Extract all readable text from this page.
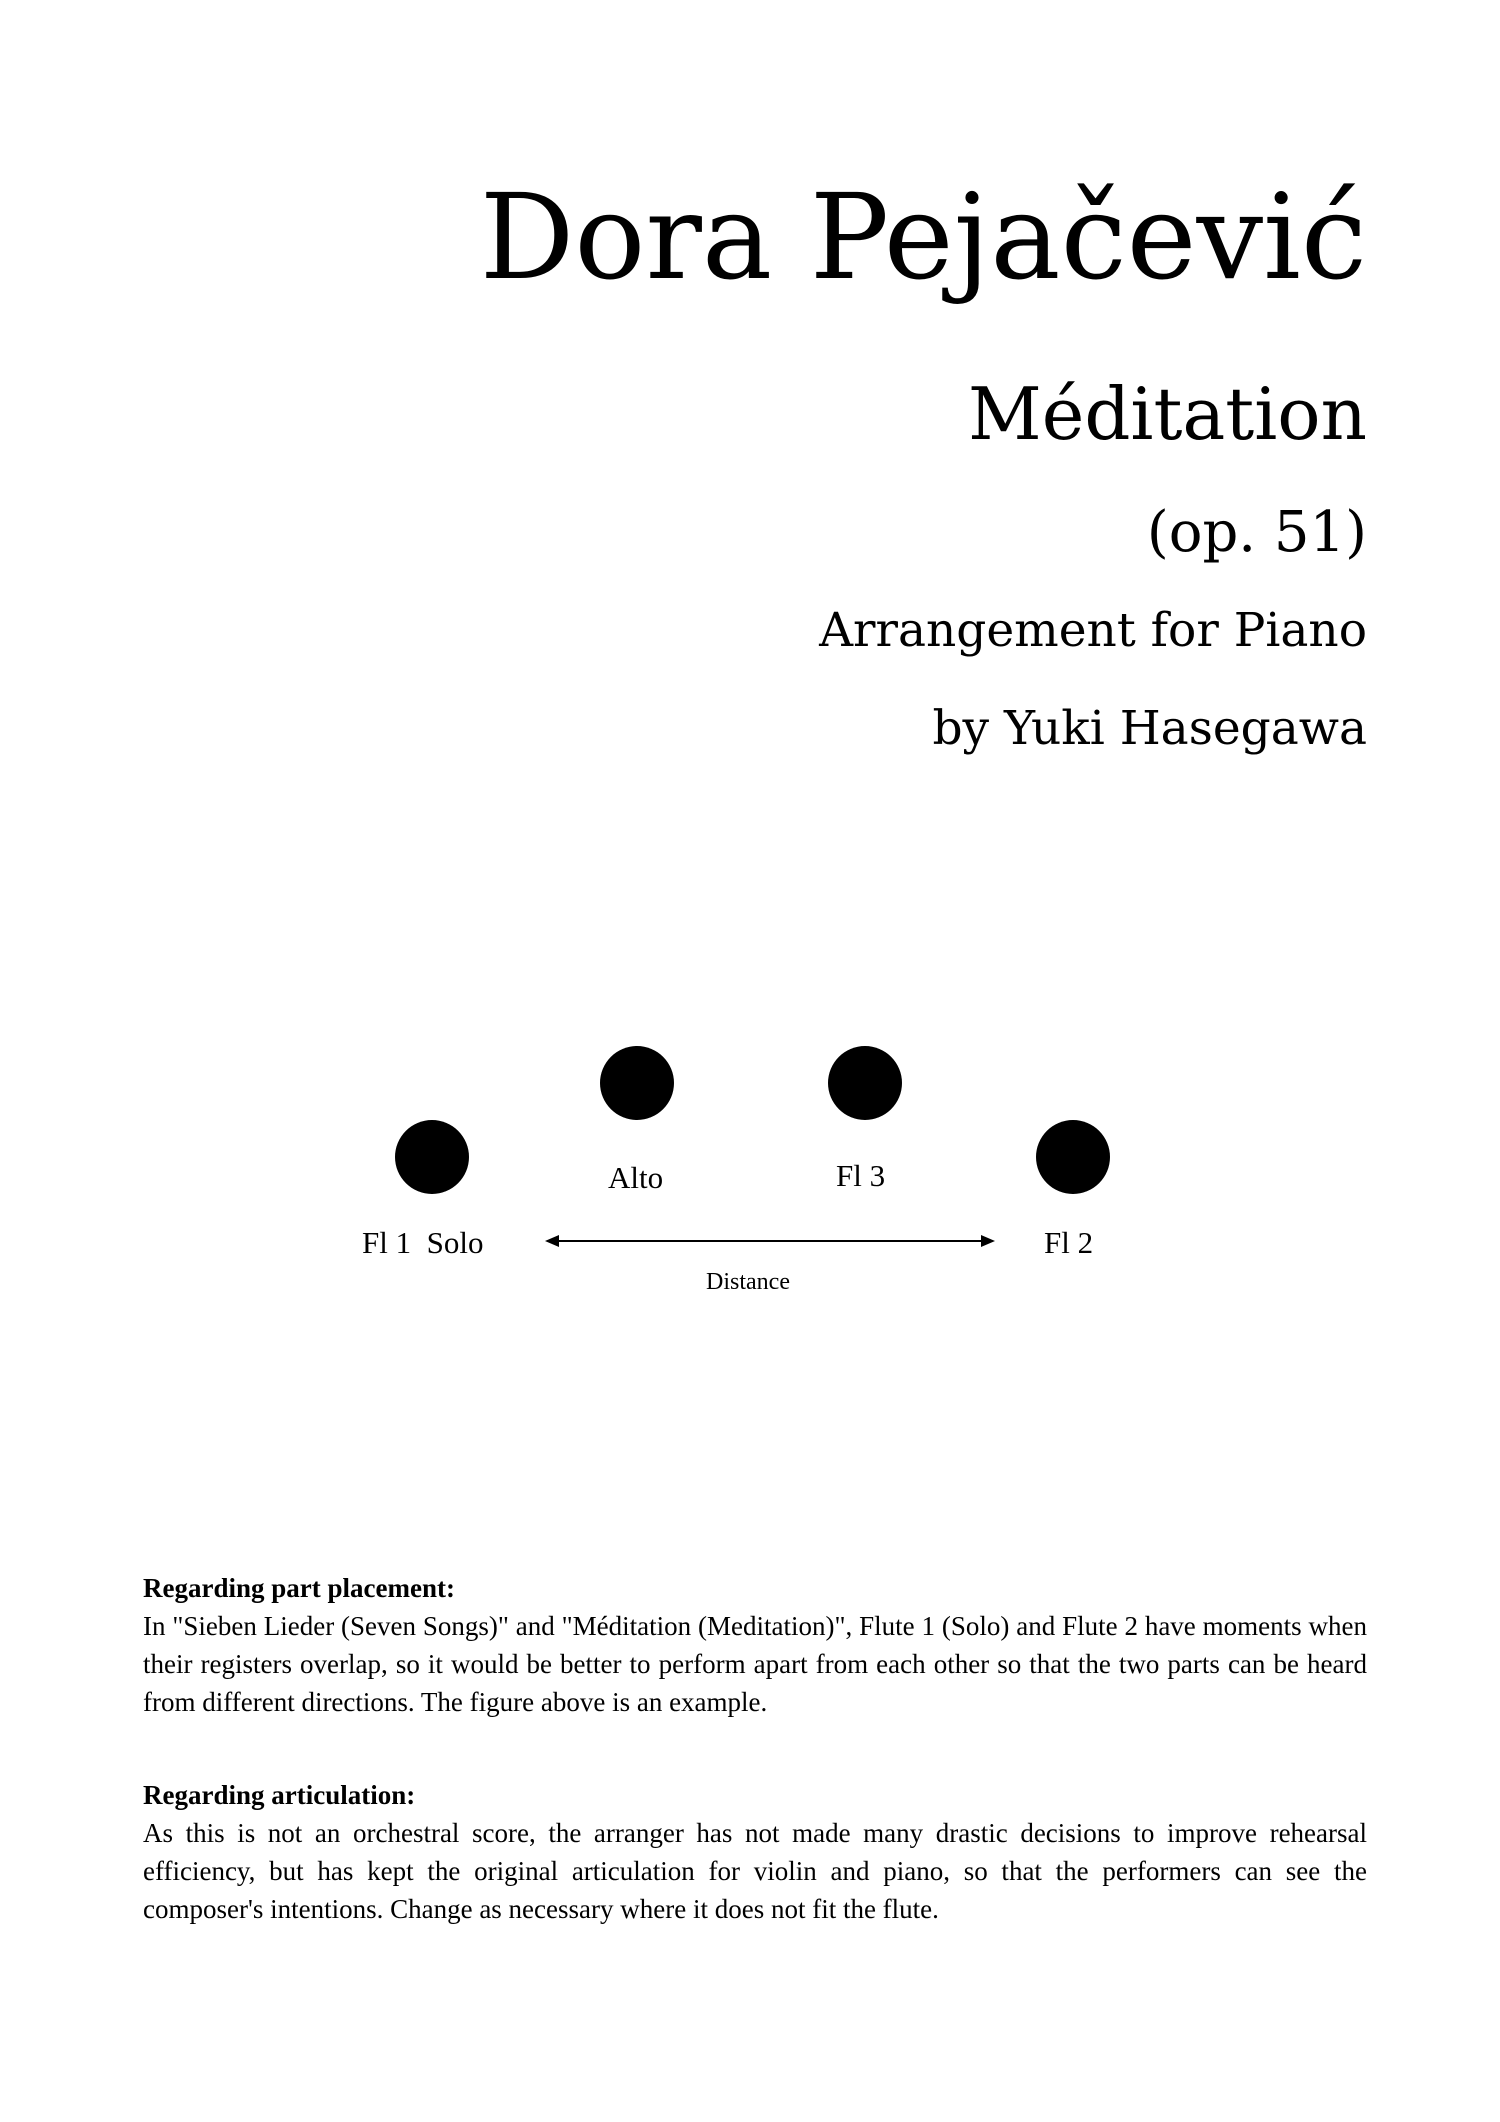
Dora Pejačević
Méditation
(op. 51)
Arrangement for Piano
by Yuki Hasegawa
Alto	Fl 3
Fl 1  Solo	Fl 2
Distance

Regarding part placement:

In "Sieben Lieder (Seven Songs)" and "Méditation (Meditation)", Flute 1 (Solo) and Flute 2 have moments when their registers overlap, so it would be better to perform apart from each other so that the two parts can be heard from different directions. The figure above is an example.

Regarding articulation:

As this is not an orchestral score, the arranger has not made many drastic decisions to improve rehearsal efficiency, but has kept the original articulation for violin and piano, so that the performers can see the composer's intentions. Change as necessary where it does not fit the flute.
